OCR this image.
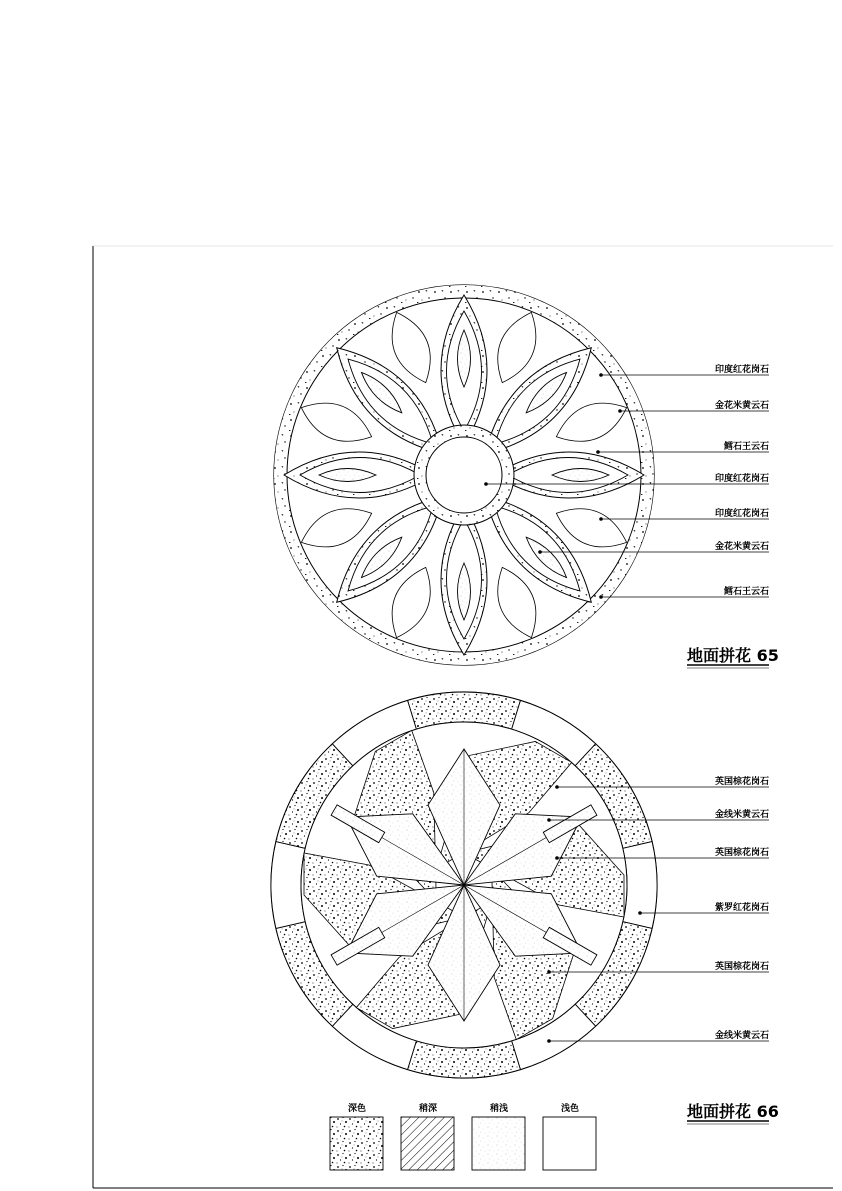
印度红花岗石
金花米黄云石
鳕石王云石
印度红花岗石
印度红花岗石
金花米黄云石
鳕石王云石
地面拼花 65
英国棕花岗石
金线米黄云石
英国棕花岗石
紫罗红花岗石
英国棕花岗石
金线米黄云石
地面拼花 66
深色	稍深	稍浅	浅色
